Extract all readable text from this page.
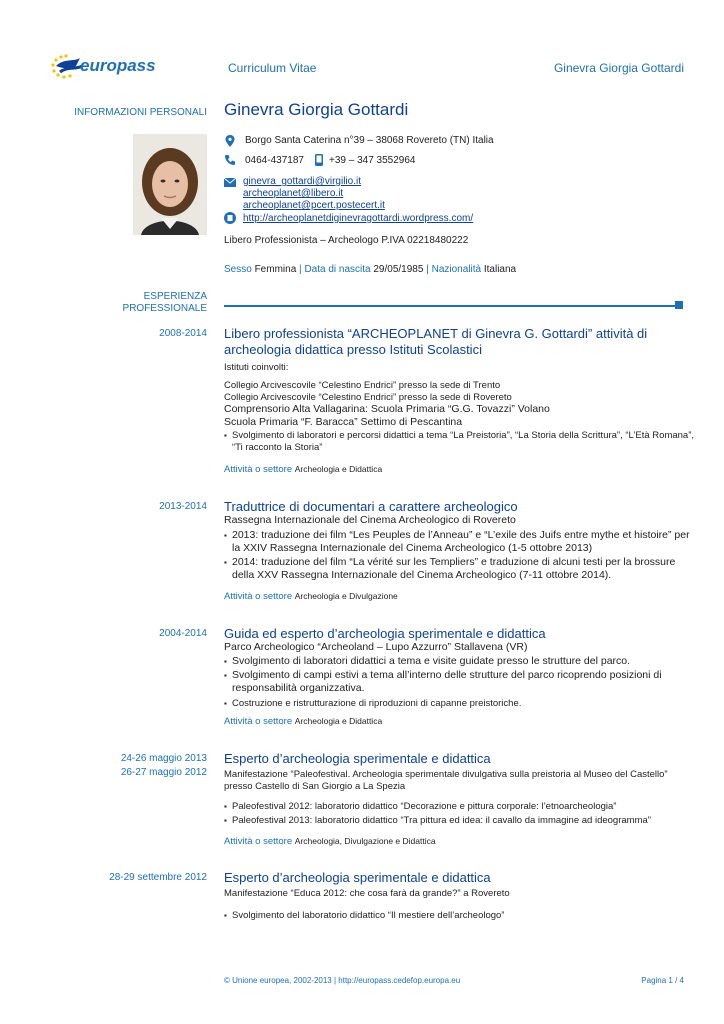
europass	Curriculum Vitae	Ginevra Giorgia Gottardi
INFORMAZIONI PERSONALI Ginevra Giorgia Gottardi
Borgo Santa Caterina n°39 – 38068 Rovereto (TN) Italia
0464-437187	+39 – 347 3552964
ginevra_gottardi@virgilio.it
archeoplanet@libero.it
archeoplanet@pcert.postecert.it
http://archeoplanetdiginevragottardi.wordpress.com/
Libero Professionista – Archeologo P.IVA 02218480222
Sesso Femmina | Data di nascita 29/05/1985 | Nazionalità Italiana
ESPERIENZA
PROFESSIONALE
2008-2014 Libero professionista “ARCHEOPLANET di Ginevra G. Gottardi” attività di archeologia didattica presso Istituti Scolastici
Istituti coinvolti:
Collegio Arcivescovile “Celestino Endrici” presso la sede di Trento
Collegio Arcivescovile “Celestino Endrici” presso la sede di Rovereto
Comprensorio Alta Vallagarina: Scuola Primaria “G.G. Tovazzi” Volano
Scuola Primaria “F. Baracca” Settimo di Pescantina
▪ Svolgimento di laboratori e percorsi didattici a tema “La Preistoria”, “La Storia della Scrittura”, “L’Età Romana”, “Ti racconto la Storia”
Attività o settore Archeologia e Didattica
2013-2014 Traduttrice di documentari a carattere archeologico
Rassegna Internazionale del Cinema Archeologico di Rovereto
▪ 2013: traduzione dei film “Les Peuples de l’Anneau” e “L’exile des Juifs entre mythe et histoire” per la XXIV Rassegna Internazionale del Cinema Archeologico (1-5 ottobre 2013)
▪ 2014: traduzione del film “La vérité sur les Templiers” e traduzione di alcuni testi per la brossure della XXV Rassegna Internazionale del Cinema Archeologico (7-11 ottobre 2014).
Attività o settore Archeologia e Divulgazione
2004-2014 Guida ed esperto d’archeologia sperimentale e didattica
Parco Archeologico “Archeoland – Lupo Azzurro” Stallavena (VR)
▪ Svolgimento di laboratori didattici a tema e visite guidate presso le strutture del parco.
▪ Svolgimento di campi estivi a tema all’interno delle strutture del parco ricoprendo posizioni di responsabilità organizzativa.
▪ Costruzione e ristrutturazione di riproduzioni di capanne preistoriche.
Attività o settore Archeologia e Didattica
24-26 maggio 2013
26-27 maggio 2012
Esperto d’archeologia sperimentale e didattica
Manifestazione “Paleofestival. Archeologia sperimentale divulgativa sulla preistoria al Museo del Castello” presso Castello di San Giorgio a La Spezia
▪ Paleofestival 2012: laboratorio didattico “Decorazione e pittura corporale: l’etnoarcheologia”
▪ Paleofestival 2013: laboratorio didattico “Tra pittura ed idea: il cavallo da immagine ad ideogramma”
Attività o settore Archeologia, Divulgazione e Didattica
28-29 settembre 2012 Esperto d’archeologia sperimentale e didattica
Manifestazione “Educa 2012: che cosa farà da grande?” a Rovereto
▪ Svolgimento del laboratorio didattico “Il mestiere dell’archeologo”
© Unione europea, 2002-2013 | http://europass.cedefop.europa.eu	Pagina 1 / 4
